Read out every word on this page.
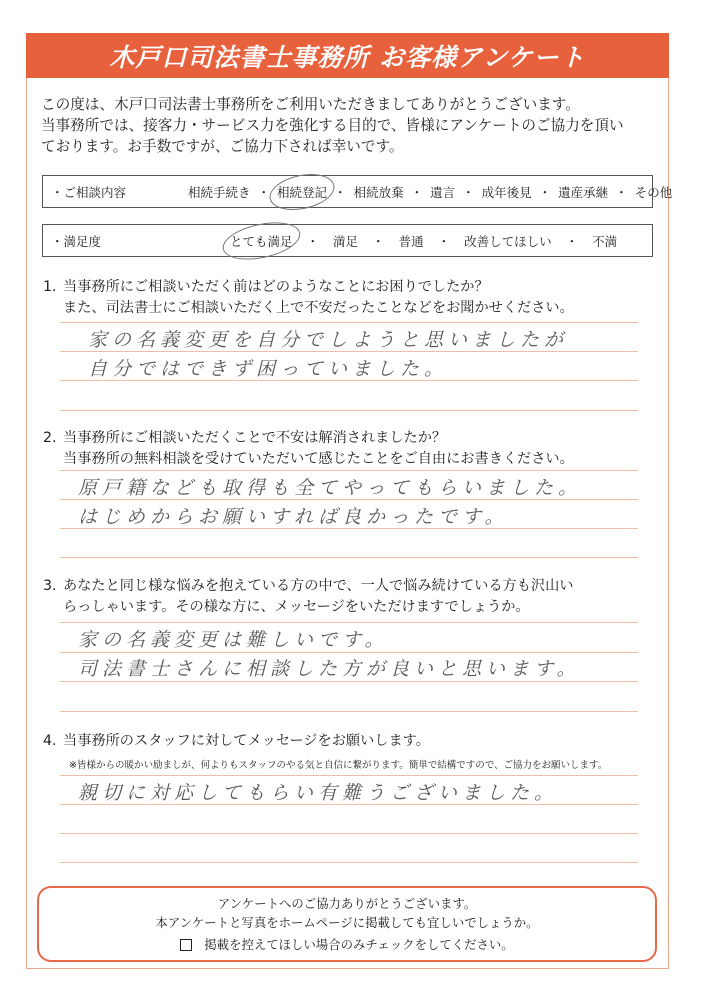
木戸口司法書士事務所 お客様アンケート
この度は、木戸口司法書士事務所をご利用いただきましてありがとうございます。
当事務所では、接客力・サービス力を強化する目的で、皆様にアンケートのご協力を頂い
ております。お手数ですが、ご協力下されば幸いです。
・ご相談内容	相続手続き ・ 相続登記 ・ 相続放棄 ・ 遺言 ・ 成年後見 ・ 遺産承継 ・ その他
・満足度	とても満足 ・ 満足 ・ 普通 ・ 改善してほしい ・ 不満
1. 当事務所にご相談いただく前はどのようなことにお困りでしたか？
また、司法書士にご相談いただく上で不安だったことなどをお聞かせください。
家の名義変更を自分でしようと思いましたが
自分ではできず困っていました。
2. 当事務所にご相談いただくことで不安は解消されましたか？
当事務所の無料相談を受けていただいて感じたことをご自由にお書きください。
原戸籍なども取得も全てやってもらいました。
はじめからお願いすれば良かったです。
3. あなたと同じ様な悩みを抱えている方の中で、一人で悩み続けている方も沢山い
らっしゃいます。その様な方に、メッセージをいただけますでしょうか。
家の名義変更は難しいです。
司法書士さんに相談した方が良いと思います。
4. 当事務所のスタッフに対してメッセージをお願いします。
※皆様からの暖かい励ましが、何よりもスタッフのやる気と自信に繋がります。簡単で結構ですので、ご協力をお願いします。
親切に対応してもらい有難うございました。
アンケートへのご協力ありがとうございます。
本アンケートと写真をホームページに掲載しても宜しいでしょうか。
掲載を控えてほしい場合のみチェックをしてください。
